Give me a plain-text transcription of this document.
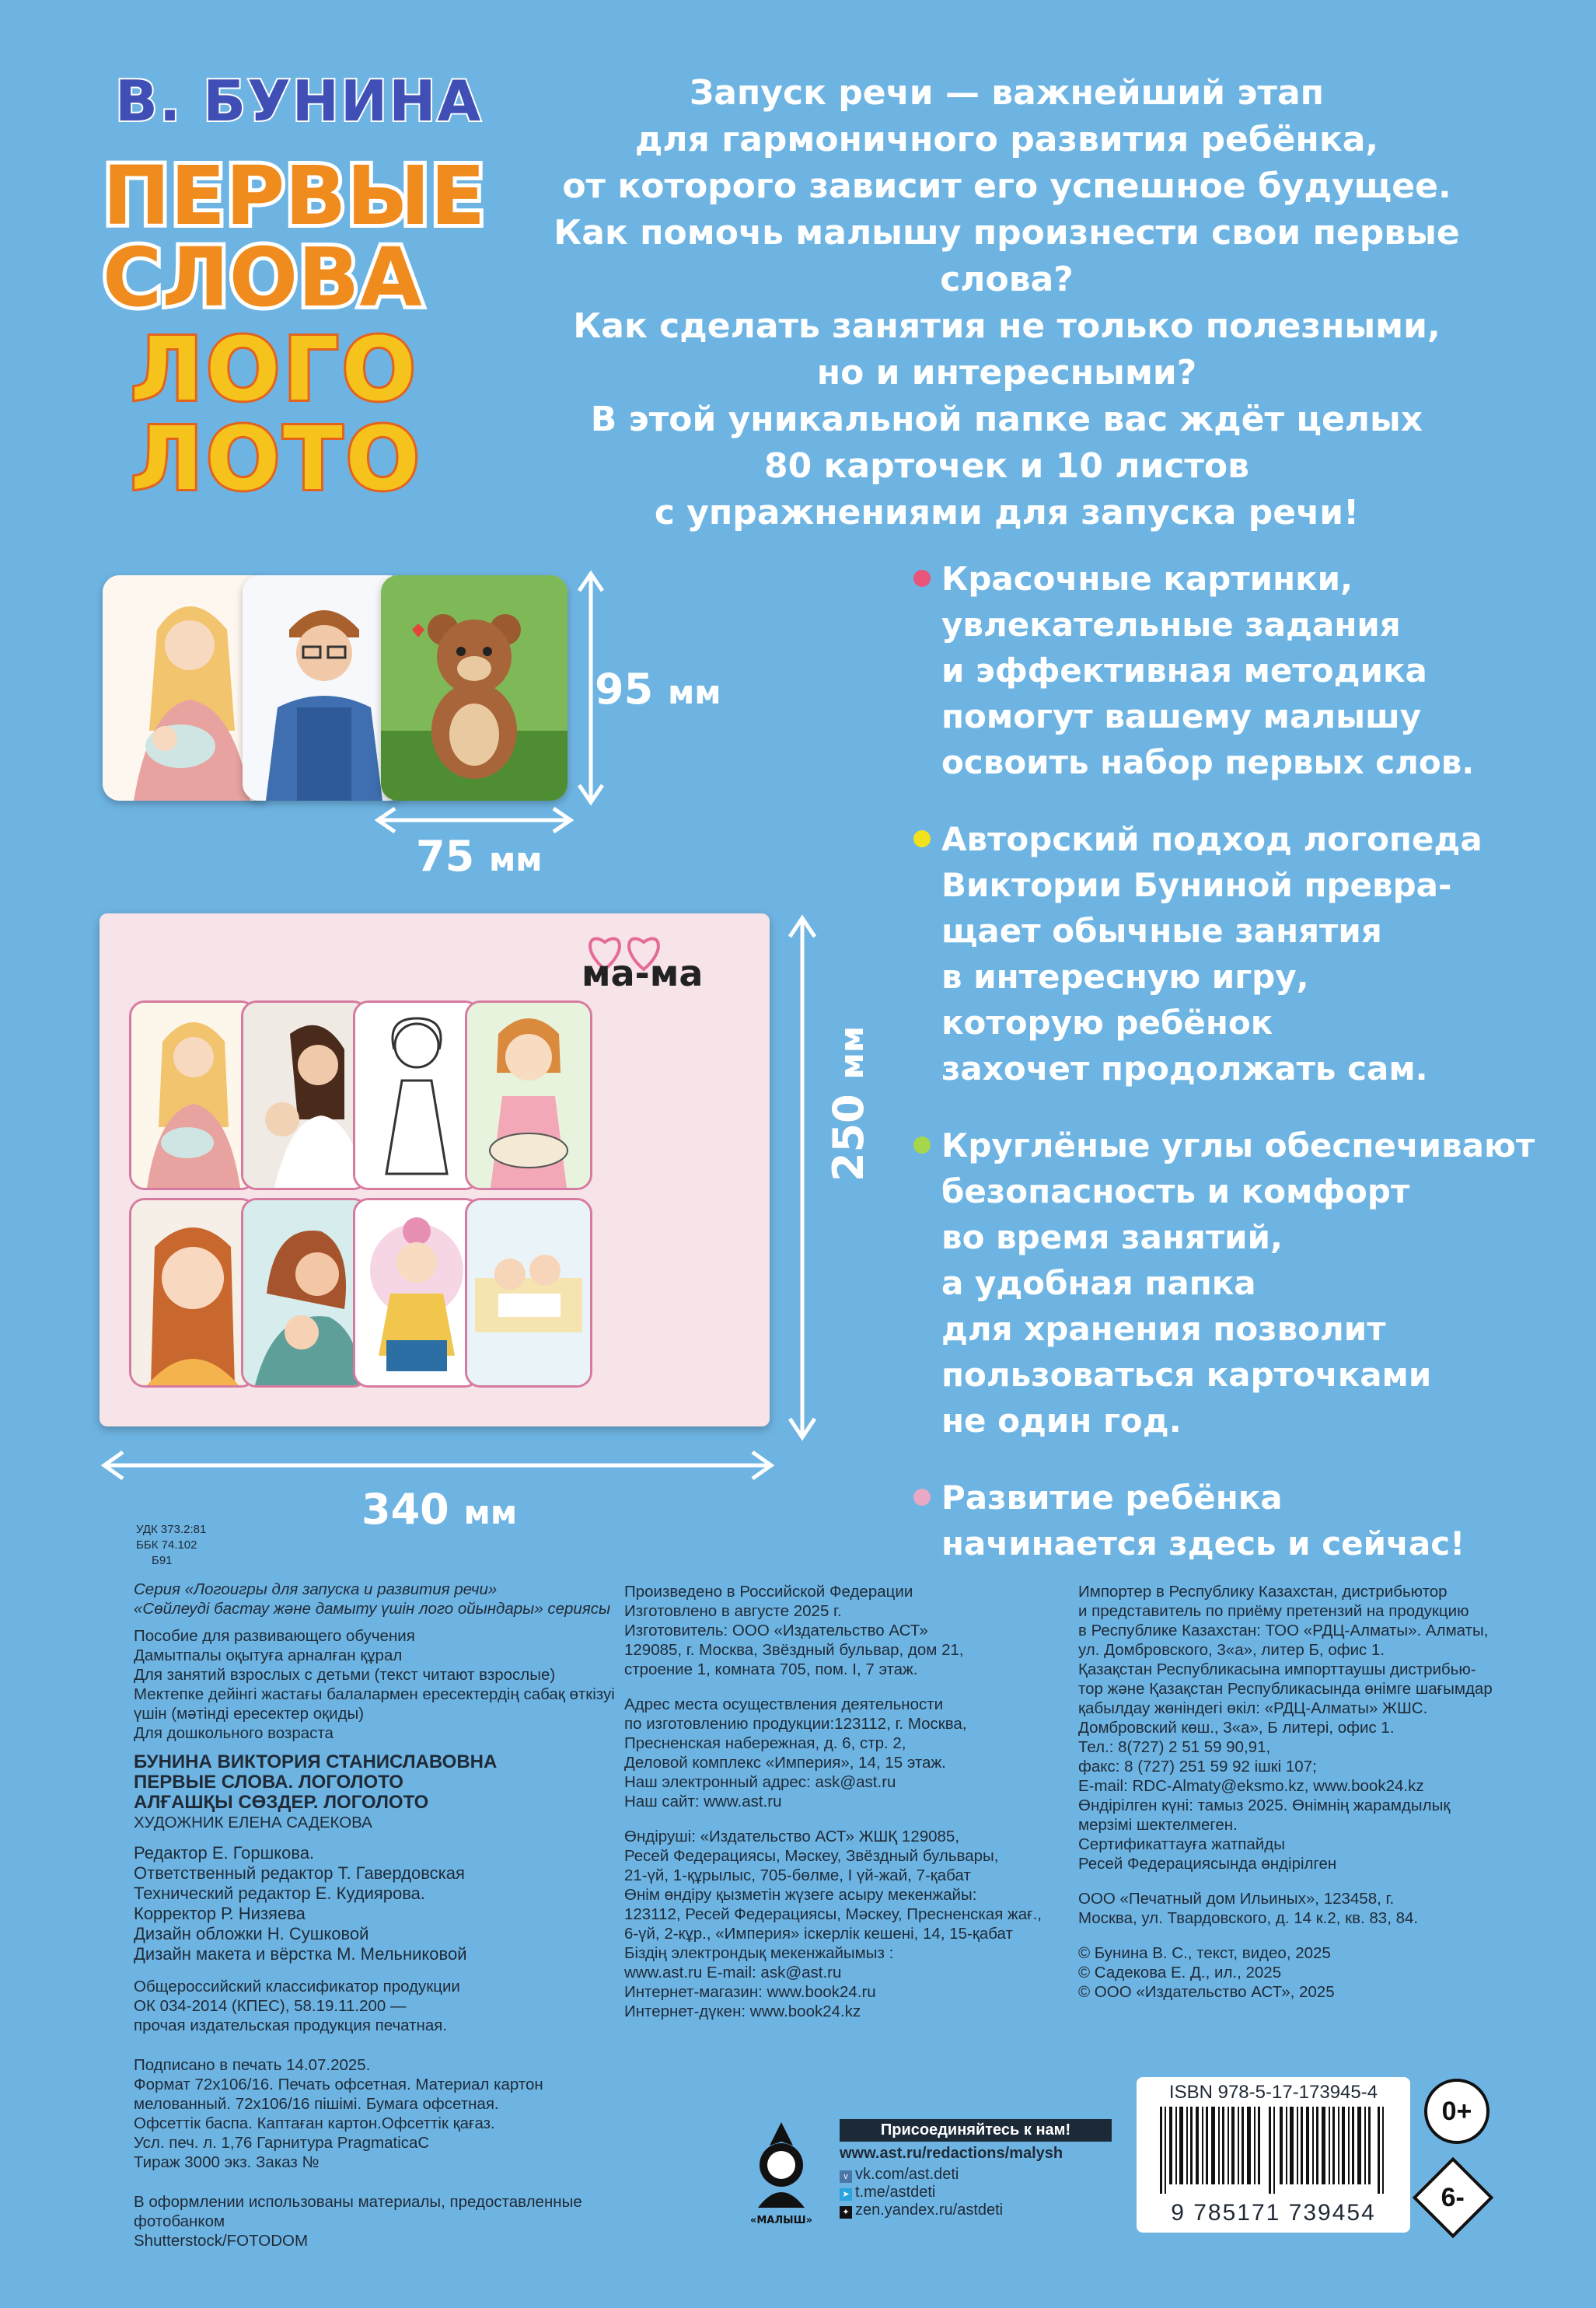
В. БУНИНА
ПЕРВЫЕ
СЛОВА
ЛОГО
ЛОТО
Запуск речи — важнейший этап
для гармоничного развития ребёнка,
от которого зависит его успешное будущее.
Как помочь малышу произнести свои первые слова?
Как сделать занятия не только полезными,
но и интересными?
В этой уникальной папке вас ждёт целых
80 карточек и 10 листов
с упражнениями для запуска речи!
95 мм
75 мм
ма-ма
250 мм
340 мм
Красочные картинки,
увлекательные задания
и эффективная методика
помогут вашему малышу
освоить набор первых слов.
Авторский подход логопеда
Виктории Буниной превра-
щает обычные занятия
в интересную игру,
которую ребёнок
захочет продолжать сам.
Круглёные углы обеспечивают
безопасность и комфорт
во время занятий,
а удобная папка
для хранения позволит
пользоваться карточками
не один год.
Развитие ребёнка
начинается здесь и сейчас!
УДК 373.2:81
ББК 74.102
Б91
Серия «Логоигры для запуска и развития речи»
«Сөйлеуді бастау және дамыту үшін лого ойындары» сериясы
Пособие для развивающего обучения
Дамытпалы оқытуға арналған құрал
Для занятий взрослых с детьми (текст читают взрослые)
Мектепке дейінгі жастағы балалармен ересектердің сабақ өткізуі
үшін (мәтінді ересектер оқиды)
Для дошкольного возраста
БУНИНА ВИКТОРИЯ СТАНИСЛАВОВНА
ПЕРВЫЕ СЛОВА. ЛОГОЛОТО
АЛҒАШҚЫ СӨЗДЕР. ЛОГОЛОТО
ХУДОЖНИК ЕЛЕНА САДЕКОВА
Редактор Е. Горшкова.
Ответственный редактор Т. Гавердовская
Технический редактор Е. Кудиярова.
Корректор Р. Низяева
Дизайн обложки Н. Сушковой
Дизайн макета и вёрстка М. Мельниковой
Общероссийский классификатор продукции
ОК 034-2014 (КПЕС), 58.19.11.200 —
прочая издательская продукция печатная.
Подписано в печать 14.07.2025.
Формат 72x106/16. Печать офсетная. Материал картон
мелованный. 72x106/16 пішімі. Бумага офсетная.
Офсеттік баспа. Каптаған картон.Офсеттік қағаз.
Усл. печ. л. 1,76 Гарнитура PragmaticaC
Тираж 3000 экз. Заказ №
В оформлении использованы материалы, предоставленные фотобанком
Shutterstock/FOTODOM
Произведено в Российской Федерации
Изготовлено в августе 2025 г.
Изготовитель: ООО «Издательство АСТ»
129085, г. Москва, Звёздный бульвар, дом 21,
строение 1, комната 705, пом. I, 7 этаж.
Адрес места осуществления деятельности
по изготовлению продукции:123112, г. Москва,
Пресненская набережная, д. 6, стр. 2,
Деловой комплекс «Империя», 14, 15 этаж.
Наш электронный адрес: ask@ast.ru
Наш сайт: www.ast.ru
Өндіруші: «Издательство АСТ» ЖШҚ 129085,
Ресей Федерациясы, Мәскеу, Звёздный бульвары,
21-үй, 1-құрылыс, 705-бөлме, I үй-жай, 7-қабат
Өнім өндіру қызметін жүзеге асыру мекенжайы:
123112, Ресей Федерациясы, Мәскеу, Пресненская жағ.,
6-үй, 2-кұр., «Империя» іскерлік кешені, 14, 15-қабат
Біздің электрондық мекенжайымыз :
www.ast.ru E-mail: ask@ast.ru
Интернет-магазин: www.book24.ru
Интернет-дүкен: www.book24.kz
Импортер в Республику Казахстан, дистрибьютор
и представитель по приёму претензий на продукцию
в Республике Казахстан: ТОО «РДЦ-Алматы». Алматы,
ул. Домбровского, 3«а», литер Б, офис 1.
Қазақстан Республикасына импорттаушы дистрибью-
тор және Қазақстан Республикасында өнімге шағымдар
қабылдау жөніндегі өкіл: «РДЦ-Алматы» ЖШС.
Домбровский көш., 3«а», Б литері, офис 1.
Тел.: 8(727) 2 51 59 90,91,
факс: 8 (727) 251 59 92 ішкі 107;
E-mail: RDC-Almaty@eksmo.kz, www.book24.kz
Өндірілген күні: тамыз 2025. Өнімнің жарамдылық
мерзімі шектелмеген.
Сертификаттауға жатпайды
Ресей Федерациясында өндірілген
ООО «Печатный дом Ильиных», 123458, г.
Москва, ул. Твардовского, д. 14 к.2, кв. 83, 84.
© Бунина В. С., текст, видео, 2025
© Садекова Е. Д., ил., 2025
© ООО «Издательство АСТ», 2025
«МАЛЫШ»
Присоединяйтесь к нам!
www.ast.ru/redactions/malysh
v vk.com/ast.deti
➤ t.me/astdeti
✦ zen.yandex.ru/astdeti
ISBN 978-5-17-173945-4
9 785171 739454
0+
6-
